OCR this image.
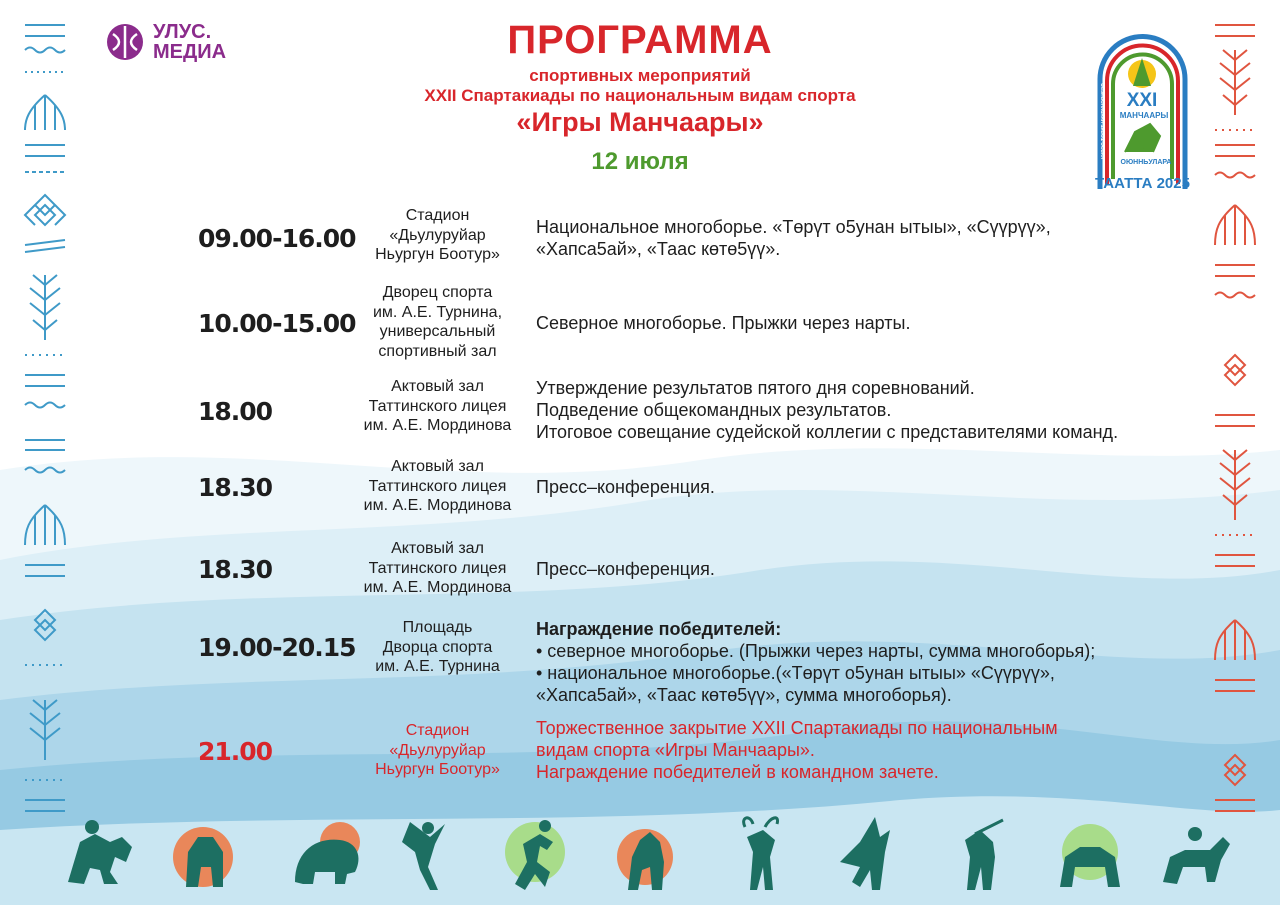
УЛУС.
МЕДИА
XXI
МАНЧААРЫ
ОЮННЬУЛАРА
КУРЭС ТӨРҮТ НУУРУНЭРИГЭР
ТААТТА 2025
ПРОГРАММА
спортивных мероприятий
XXII Спартакиады по национальным видам спорта
«Игры Манчаары»
12 июля
09.00-16.00
Стадион
«Дьулуруйар
Ньургун Боотур»
Национальное многоборье. «Төрүт о5унан ытыы», «Сүүрүү»,
«Хапса5ай», «Таас көтө5үү».
10.00-15.00
Дворец спорта
им. А.Е. Турнина,
универсальный
спортивный зал
Северное многоборье. Прыжки через нарты.
18.00
Актовый зал
Таттинского лицея
им. А.Е. Мординова
Утверждение результатов пятого дня соревнований.
Подведение общекомандных результатов.
Итоговое совещание судейской коллегии с представителями команд.
18.30
Актовый зал
Таттинского лицея
им. А.Е. Мординова
Пресс–конференция.
18.30
Актовый зал
Таттинского лицея
им. А.Е. Мординова
Пресс–конференция.
19.00-20.15
Площадь
Дворца спорта
им. А.Е. Турнина
Награждение победителей:
• северное многоборье. (Прыжки через нарты, сумма многоборья);
• национальное многоборье.(«Төрүт о5унан ытыы» «Сүүрүү»,
«Хапса5ай», «Таас көтө5үү», сумма многоборья).
21.00
Стадион
«Дьулуруйар
Ньургун Боотур»
Торжественное закрытие XXII Спартакиады по национальным
видам спорта «Игры Манчаары».
Награждение победителей в командном зачете.
